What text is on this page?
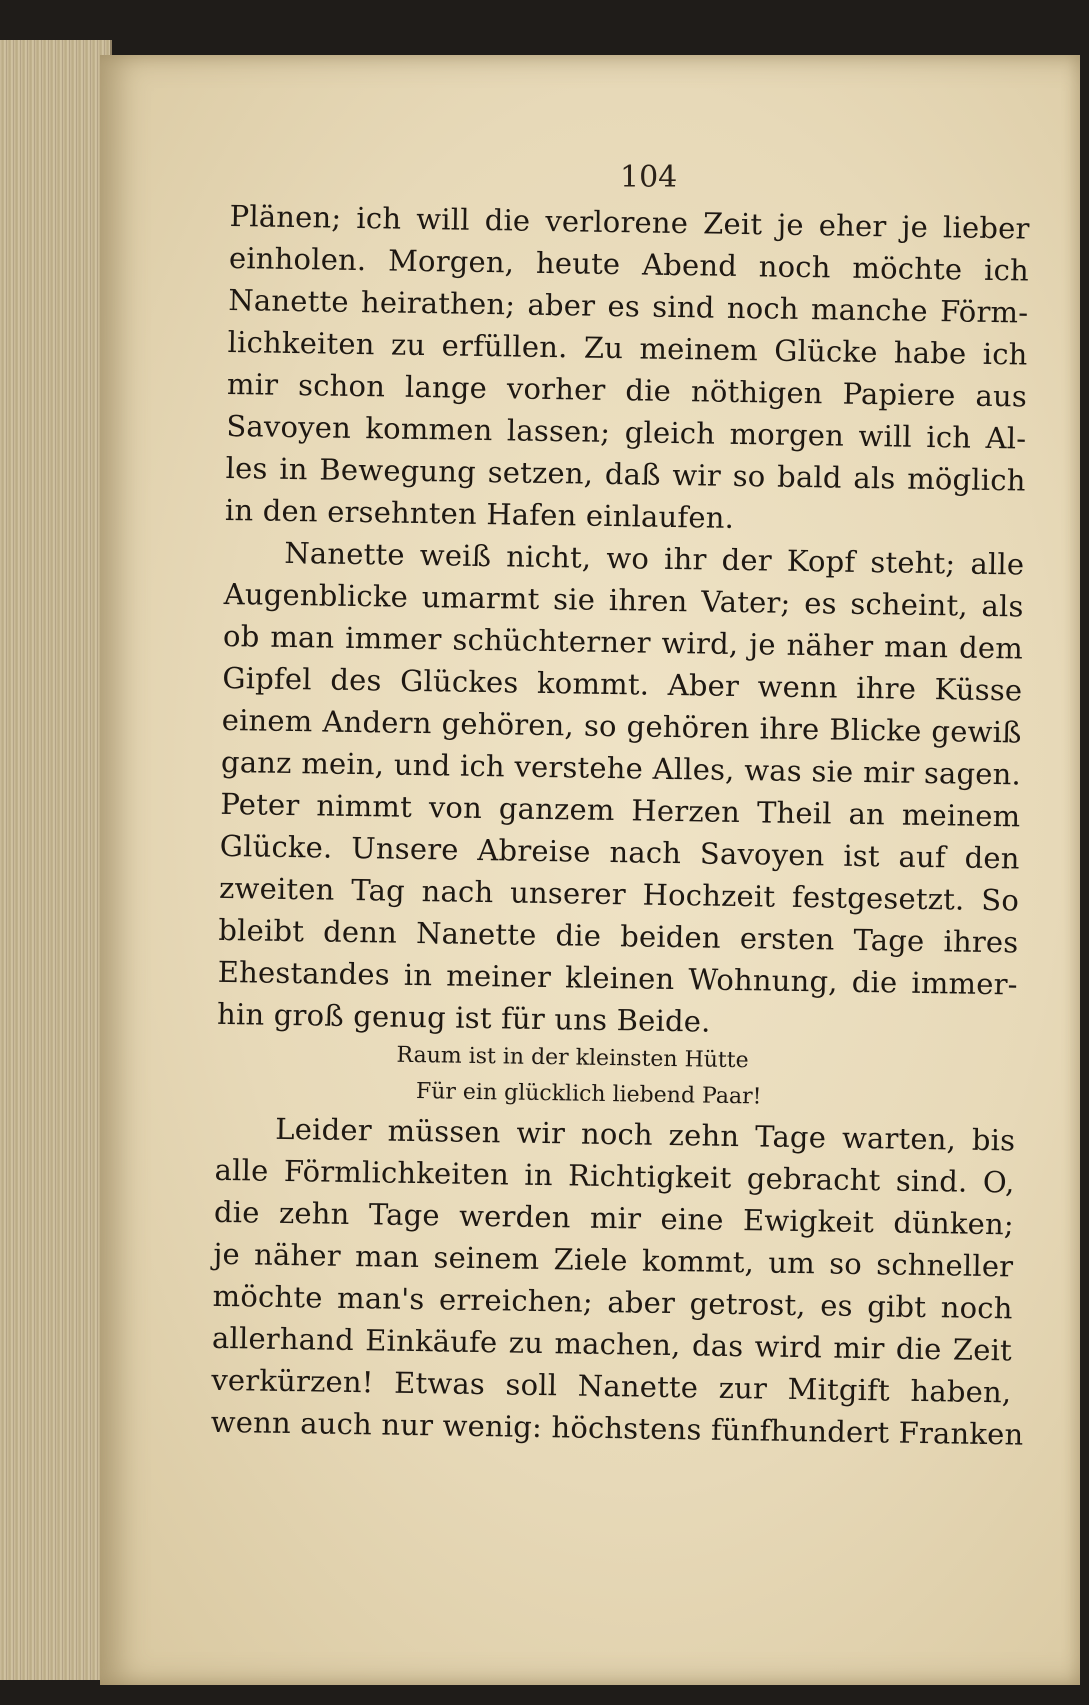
104
Plänen; ich will die verlorene Zeit je eher je lieber
einholen. Morgen, heute Abend noch möchte ich
Nanette heirathen; aber es sind noch manche Förm-
lichkeiten zu erfüllen. Zu meinem Glücke habe ich
mir schon lange vorher die nöthigen Papiere aus
Savoyen kommen lassen; gleich morgen will ich Al-
les in Bewegung setzen, daß wir so bald als möglich
in den ersehnten Hafen einlaufen.
Nanette weiß nicht, wo ihr der Kopf steht; alle
Augenblicke umarmt sie ihren Vater; es scheint, als
ob man immer schüchterner wird, je näher man dem
Gipfel des Glückes kommt. Aber wenn ihre Küsse
einem Andern gehören, so gehören ihre Blicke gewiß
ganz mein, und ich verstehe Alles, was sie mir sagen.
Peter nimmt von ganzem Herzen Theil an meinem
Glücke. Unsere Abreise nach Savoyen ist auf den
zweiten Tag nach unserer Hochzeit festgesetzt. So
bleibt denn Nanette die beiden ersten Tage ihres
Ehestandes in meiner kleinen Wohnung, die immer-
hin groß genug ist für uns Beide.
Raum ist in der kleinsten Hütte
Für ein glücklich liebend Paar!
Leider müssen wir noch zehn Tage warten, bis
alle Förmlichkeiten in Richtigkeit gebracht sind. O,
die zehn Tage werden mir eine Ewigkeit dünken;
je näher man seinem Ziele kommt, um so schneller
möchte man's erreichen; aber getrost, es gibt noch
allerhand Einkäufe zu machen, das wird mir die Zeit
verkürzen! Etwas soll Nanette zur Mitgift haben,
wenn auch nur wenig: höchstens fünfhundert Franken
